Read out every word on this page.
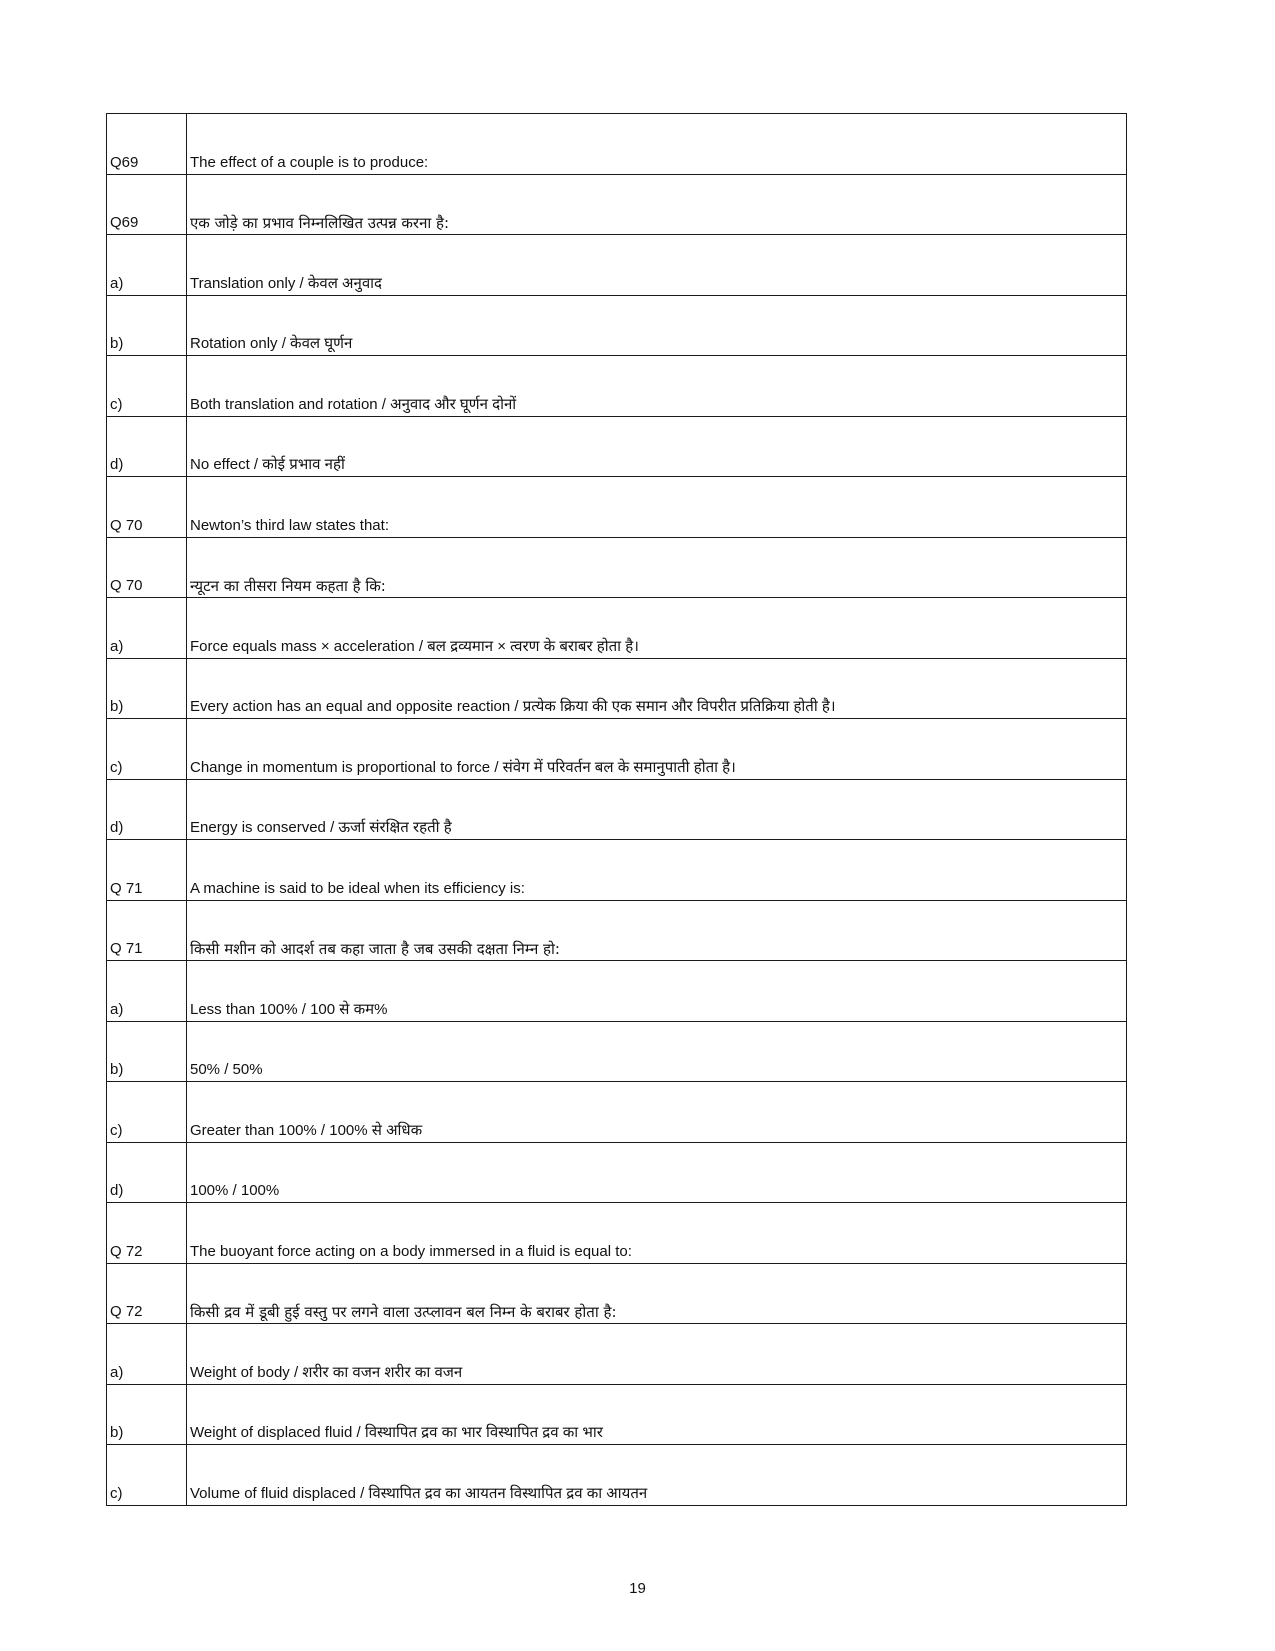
Q69	The effect of a couple is to produce:
Q69	एक जोड़े का प्रभाव निम्नलिखित उत्पन्न करना है:
a)	Translation only / केवल अनुवाद
b)	Rotation only / केवल घूर्णन
c)	Both translation and rotation / अनुवाद और घूर्णन दोनों
d)	No effect / कोई प्रभाव नहीं
Q 70	Newton’s third law states that:
Q 70	न्यूटन का तीसरा नियम कहता है कि:
a)	Force equals mass × acceleration / बल द्रव्यमान × त्वरण के बराबर होता है।
b)	Every action has an equal and opposite reaction / प्रत्येक क्रिया की एक समान और विपरीत प्रतिक्रिया होती है।
c)	Change in momentum is proportional to force / संवेग में परिवर्तन बल के समानुपाती होता है।
d)	Energy is conserved / ऊर्जा संरक्षित रहती है
Q 71	A machine is said to be ideal when its efficiency is:
Q 71	किसी मशीन को आदर्श तब कहा जाता है जब उसकी दक्षता निम्न हो:
a)	Less than 100% / 100 से कम%
b)	50% / 50%
c)	Greater than 100% / 100% से अधिक
d)	100% / 100%
Q 72	The buoyant force acting on a body immersed in a fluid is equal to:
Q 72	किसी द्रव में डूबी हुई वस्तु पर लगने वाला उत्प्लावन बल निम्न के बराबर होता है:
a)	Weight of body / शरीर का वजन शरीर का वजन
b)	Weight of displaced fluid / विस्थापित द्रव का भार विस्थापित द्रव का भार
c)	Volume of fluid displaced / विस्थापित द्रव का आयतन विस्थापित द्रव का आयतन
19
